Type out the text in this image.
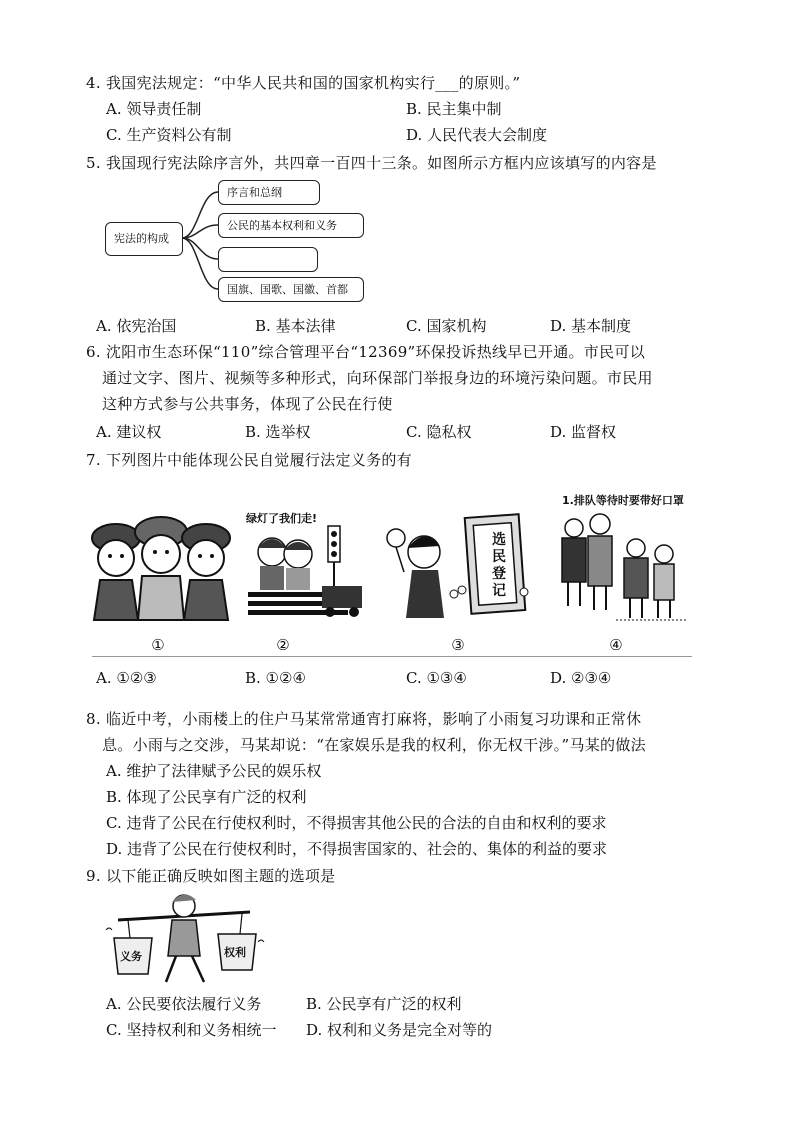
4. 我国宪法规定：“中华人民共和国的国家机构实行___的原则。”
A. 领导责任制	B. 民主集中制
C. 生产资料公有制	D. 人民代表大会制度
5. 我国现行宪法除序言外，共四章一百四十三条。如图所示方框内应该填写的内容是
宪法的构成
序言和总纲
公民的基本权利和义务
国旗、国歌、国徽、首都
A. 依宪治国	B. 基本法律	C. 国家机构	D. 基本制度
6. 沈阳市生态环保“110”综合管理平台“12369”环保投诉热线早已开通。市民可以
通过文字、图片、视频等多种形式，向环保部门举报身边的环境污染问题。市民用
这种方式参与公共事务，体现了公民在行使
A. 建议权	B. 选举权	C. 隐私权	D. 监督权
7. 下列图片中能体现公民自觉履行法定义务的有
绿灯了我们走!
选民登记
1.排队等待时要带好口罩
①	②	③	④
A. ①②③	B. ①②④	C. ①③④	D. ②③④
8. 临近中考，小雨楼上的住户马某常常通宵打麻将，影响了小雨复习功课和正常休
息。小雨与之交涉，马某却说：“在家娱乐是我的权利，你无权干涉。”马某的做法
A. 维护了法律赋予公民的娱乐权
B. 体现了公民享有广泛的权利
C. 违背了公民在行使权利时，不得损害其他公民的合法的自由和权利的要求
D. 违背了公民在行使权利时，不得损害国家的、社会的、集体的利益的要求
9. 以下能正确反映如图主题的选项是
义务	权利
A. 公民要依法履行义务	B. 公民享有广泛的权利
C. 坚持权利和义务相统一 D. 权利和义务是完全对等的
